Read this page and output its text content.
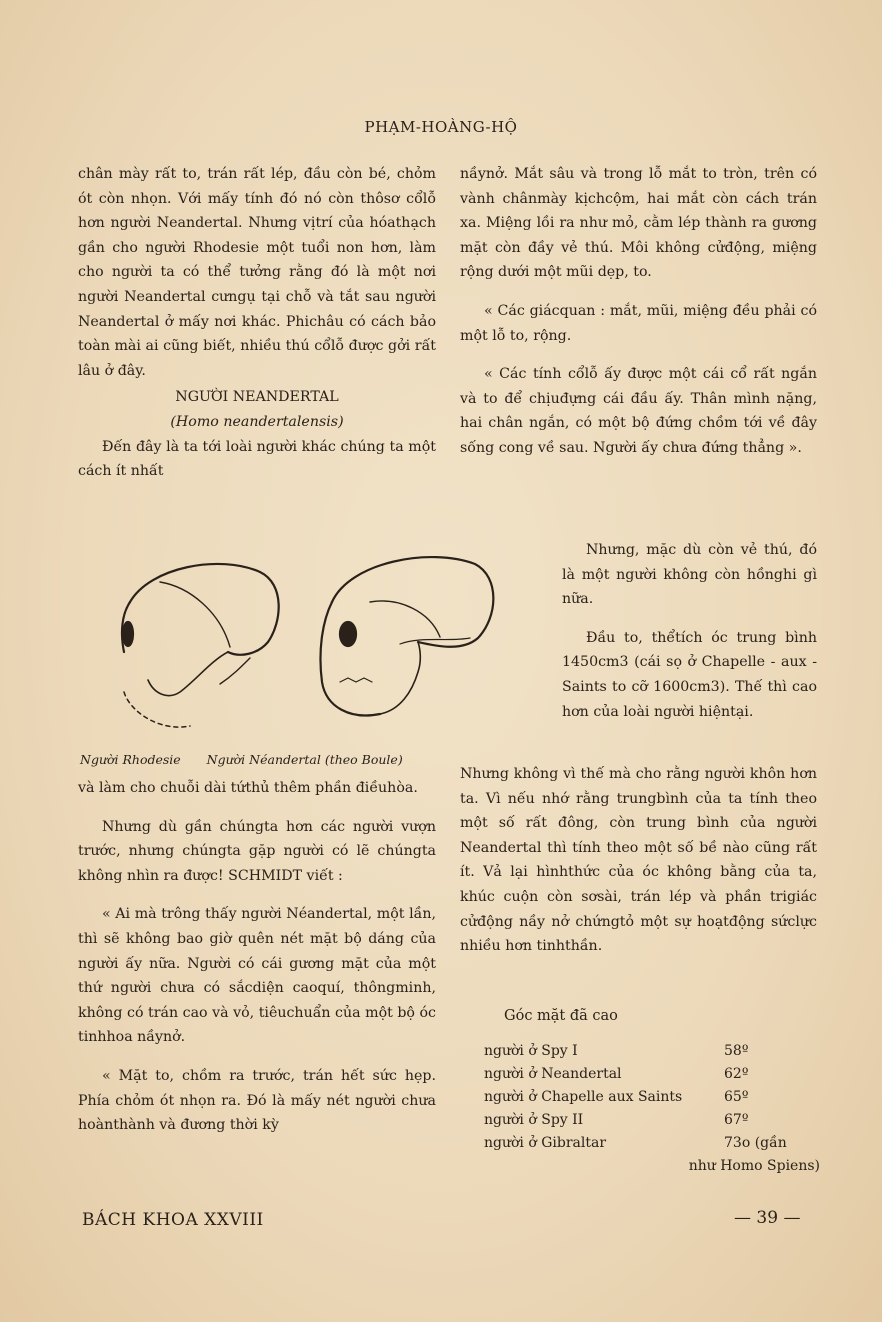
PHẠM-HOÀNG-HỘ

chân mày rất to, trán rất lép, đầu còn bé, chỏm ót còn nhọn. Với mấy tính đó nó còn thôsơ cổlỗ hơn người Neandertal. Nhưng vịtrí của hóathạch gần cho người Rhodesie một tuổi non hơn, làm cho người ta có thể tưởng rằng đó là một nơi người Neandertal cưngụ tại chỗ và tắt sau người Neandertal ở mấy nơi khác. Phichâu có cách bảo toàn mài ai cũng biết, nhiều thú cổlỗ được gởi rất lâu ở đây.

NGƯỜI NEANDERTAL

(Homo neandertalensis)

Đến đây là ta tới loài người khác chúng ta một cách ít nhất

nầynở. Mắt sâu và trong lỗ mắt to tròn, trên có vành chânmày kịchcộm, hai mắt còn cách trán xa. Miệng lồi ra như mỏ, cằm lép thành ra gương mặt còn đầy vẻ thú. Môi không cửđộng, miệng rộng dưới một mũi dẹp, to.

« Các giácquan : mắt, mũi, miệng đều phải có một lỗ to, rộng.

« Các tính cổlỗ ấy được một cái cổ rất ngắn và to để chịuđựng cái đầu ấy. Thân mình nặng, hai chân ngắn, có một bộ đứng chồm tới về đây sống cong về sau. Người ấy chưa đứng thẳng ».

Người Rhodesie Người Néandertal (theo Boule)

Nhưng, mặc dù còn vẻ thú, đó là một người không còn hồnghi gì nữa.

Đầu to, thểtích óc trung bình 1450cm3 (cái sọ ở Chapelle - aux - Saints to cỡ 1600cm3). Thế thì cao hơn của loài người hiệntại.

Nhưng không vì thế mà cho rằng người khôn hơn ta. Vì nếu nhớ rằng trungbình của ta tính theo một số rất đông, còn trung bình của người Neandertal thì tính theo một số bề nào cũng rất ít. Vả lại hìnhthức của óc không bằng của ta, khúc cuộn còn sơsài, trán lép và phần trigiác cửđộng nầy nở chứngtỏ một sự hoạtđộng sứclực nhiều hơn tinhthần.

và làm cho chuỗi dài tứthủ thêm phần điềuhòa.

Nhưng dù gần chúngta hơn các người vượn trước, nhưng chúngta gặp người có lẽ chúngta không nhìn ra được! SCHMIDT viết :

« Ai mà trông thấy người Néandertal, một lần, thì sẽ không bao giờ quên nét mặt bộ dáng của người ấy nữa. Người có cái gương mặt của một thứ người chưa có sắcdiện caoquí, thôngminh, không có trán cao và vỏ, tiêuchuẩn của một bộ óc tinhhoa nầynở.

« Mặt to, chồm ra trước, trán hết sức hẹp. Phía chỏm ót nhọn ra. Đó là mấy nét người chưa hoànthành và đương thời kỳ

Góc mặt đã cao
người ở Spy I	58º
người ở Neandertal	62º
người ở Chapelle aux Saints	65º
người ở Spy II	67º
người ở Gibraltar	73o (gần
như Homo Spiens)
BÁCH KHOA XXVIII	— 39 —
